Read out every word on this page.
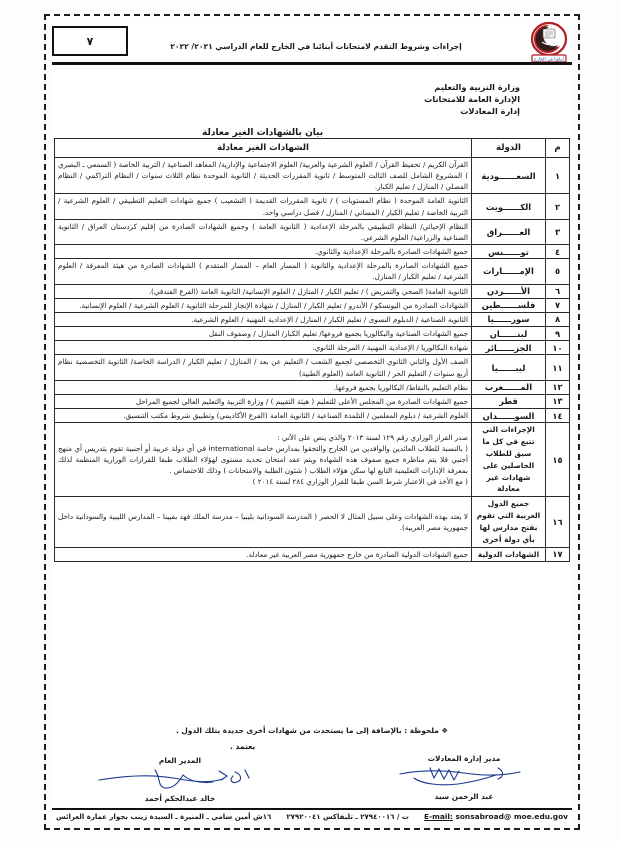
٧	إجراءات وشروط التقدم لامتحانات أبنائنا في الخارج للعام الدراسي ٢٠٢١/ ٢٠٢٢
أبناؤنا في الخارج
وزارة التربية والتعليم
الإدارة العامة للامتحانات
إدارة المعادلات
بيان بالشهادات الغير معادلة
م	الدولة	الشهادات الغير معادلة
١	السعــــــودية	القرآن الكريم / تحفيظ القرآن / العلوم الشرعية والعربية/ العلوم الاجتماعية والإدارية/ المعاهد الصناعية / التربية الخاصة ( السمعي ـ البصري ) المشروع الشامل للصف الثالث المتوسط / ثانوية المقررات الحديثة / الثانوية الموحدة نظام الثلاث سنوات / النظام التراكمي / النظام الفصلي / المنازل / تعليم الكبار.
٢	الكــــــويت	الثانوية العامة الموحدة ( نظام المستويات ) / ثانوية المقررات القديمة ( التشعيب ) جميع شهادات التعليم التطبيقي / العلوم الشرعية / التربية الخاصة / تعليم الكبار / المساني / المنازل / فصل دراسي واحد.
٣	العــــــراق	النظام الإحيائي/ النظام التطبيقي بالمرحلة الإعدادية ( الثانوية العامة ) وجميع الشهادات الصادرة من إقليم كردستان العراق / الثانوية الصناعية والزراعية/ العلوم الشرعي.
٤	توــــــنس	جميع الشهادات الصادرة بالمرحلة الإعدادية والثانوي.
٥	الإمــــــارات	جميع الشهادات الصادرة بالمرحلة الإعدادية والثانوية ( المسار العام – المسار المتقدم ) الشهادات الصادرة من هيئة المعرفة / العلوم الشرعية / تعليم الكبار / المنازل.
٦	الأــــــردن	الثانوية العامة( الصحي والتمريض ) / تعليم الكبار / المنازل / العلوم الإنسانية/ الثانوية العامة (الفرع الفندقي).
٧	فلســــــطين	الشهادات الصادرة من اليونسكو / الأندرو / تعليم الكبار / المنازل / شهادة الإنجاز للمرحلة الثانوية / العلوم الشرعية / العلوم الإنسانية.
٨	سورــــــيا	الثانوية الصناعية / الدبلوم النسوى / تعليم الكبار / المنازل / الإعدادية المهنية / العلوم الشرعية.
٩	لبنــــــان	جميع الشهادات الصناعية والبكالوريا بجميع فروعها/ تعليم الكبار/ المنازل / وصفوف النقل
١٠	الجزــــــائر	شهادة البكالوريا / الإعدادية المهنية / المرحلة الثانوي.
١١	ليبــــــيا	الصف الأول والثاني الثانوي التخصصي لجميع الشعب / التعليم عن بعد / المنازل / تعليم الكبار / الدراسة الخاصة/ الثانوية التخصصية نظام أربع سنوات / التعليم الحر / الثانوية العامة (العلوم الطبية)
١٢	المــــــغرب	نظام التعليم بالنقاط/ البكالوريا بجميع فروعها.
١٣	قطر	جميع الشهادات الصادرة من المجلس الأعلى للتعليم ( هيئة التقييم ) / وزارة التربية والتعليم العالي لجميع المراحل
١٤	السوــــــدان	العلوم الشرعية / دبلوم المعلمين / التلمذة الصناعية / الثانوية العامة (الفرع الأكاديمي) وتطبيق شروط مكتب التنسيق.
١٥	الإجراءات التي تتبع في كل ما سبق للطلاب الحاصلين على شهادات غير معادلة	صدر القرار الوزاري رقم ١٢٩ لسنة ٢٠١٣ والذي ينص على الآتي :
( بالنسبة للطلاب العائدين والوافدين من الخارج والتحقوا بمدارس خاصة international في أي دولة عربية أو أجنبية تقوم بتدريس أي منهج أجنبي فلا يتم مناظرة جميع صفوف هذه الشهادة ويتم عقد امتحان تحديد مستوى لهؤلاء الطلاب طبقا للقرارات الوزارية المنظمة لذلك بمعرفة الإدارات التعليمية التابع لها سكن هؤلاء الطلاب ( شئون الطلبة والامتحانات ) وذلك للاختصاص .
( مع الأخذ في الاعتبار شرط السن طبقا للقرار الوزاري ٢٨٤ لسنة ٢٠١٤ )

١٦	جميع الدول العربية التي تقوم بفتح مدارس لها بأي دولة أخرى	لا يعتد بهذه الشهادات وعلى سبيل المثال لا الحصر ( المدرسة السودانية بليبيا – مدرسة الملك فهد بفيينا – المدارس الليبية والسودانية داخل جمهورية مصر العربية).

١٧	الشهادات الدولية	جميع الشهادات الدولية الصادرة من خارج جمهورية مصر العربية غير معادلة.
❖ ملحوظة : بالإضافة إلى ما يستحدث من شهادات أخرى جديدة بتلك الدول .
يعتمد .
المدير العام
خالد عبدالحكم أحمد
مدير إدارة المعادلات
عبد الرحمن سيد
١٦ش أمين سامي ـ المنيرة ـ السيدة زينب بجوار عمارة العرائس ت / ٢٧٩٤٠٠١٦ ـ تليفاكس ٢٧٩٢٠٠٤١ E-mail: sonsabroad@ moe.edu.gov
